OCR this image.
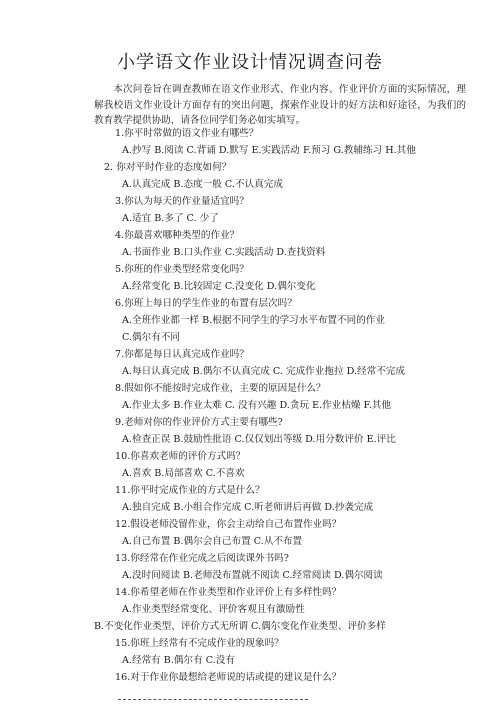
小学语文作业设计情况调查问卷

本次问卷旨在调查教师在语文作业形式、作业内容、作业评价方面的实际情况，理解我校语文作业设计方面存有的突出问题，探索作业设计的好方法和好途径，为我们的教育教学提供协助，请各位同学们务必如实填写。

1.你平时常做的语文作业有哪些？

A.抄写 B.阅读 C.背诵 D.默写 E.实践活动 F.预习 G.教辅练习 H.其他

2. 你对平时作业的态度如何？

A.认真完成 B.态度一般 C.不认真完成

3.你认为每天的作业量适宜吗？

A.适宜 B.多了 C. 少了

4.你最喜欢哪种类型的作业？

A.书面作业 B.口头作业 C.实践活动 D.查找资料

5.你班的作业类型经常变化吗？

A.经常变化 B.比较固定 C.没变化 D.偶尔变化

6.你班上每日的学生作业的布置有层次吗？

A.全班作业都一样 B.根据不同学生的学习水平布置不同的作业

C.偶尔有不同

7.你都是每日认真完成作业吗？

A.每日认真完成 B.偶尔不认真完成 C. 完成作业拖拉 D.经常不完成

8.假如你不能按时完成作业，主要的原因是什么？

A.作业太多 B.作业太难 C. 没有兴趣 D.贪玩 E.作业枯燥 F.其他

9.老师对你的作业评价方式主要有哪些?

A.检查正误 B.鼓励性批语 C.仅仅划出等级 D.用分数评价 E.评比

10.你喜欢老师的评价方式吗？

A.喜欢 B.局部喜欢 C.不喜欢

11.你平时完成作业的方式是什么？

A.独自完成 B.小组合作完成 C.听老师讲后再做 D.抄袭完成

12.假设老师没留作业，你会主动给自己布置作业吗？

A.自己布置 B.偶尔会自己布置 C.从不布置

13.你经常在作业完成之后阅读课外书吗?

A.没时间阅读 B.老师没布置就不阅读 C.经常阅读 D.偶尔阅读

14.你希望老师在作业类型和作业评价上有多样性吗？

A.作业类型经常变化、评价客观且有激励性

B.不变化作业类型、评价方式无所谓 C.偶尔变化作业类型、评价多样

15.你班上经常有不完成作业的现象吗？

A.经常有 B.偶尔有 C.没有

16.对于作业你最想给老师说的话或提的建议是什么？
